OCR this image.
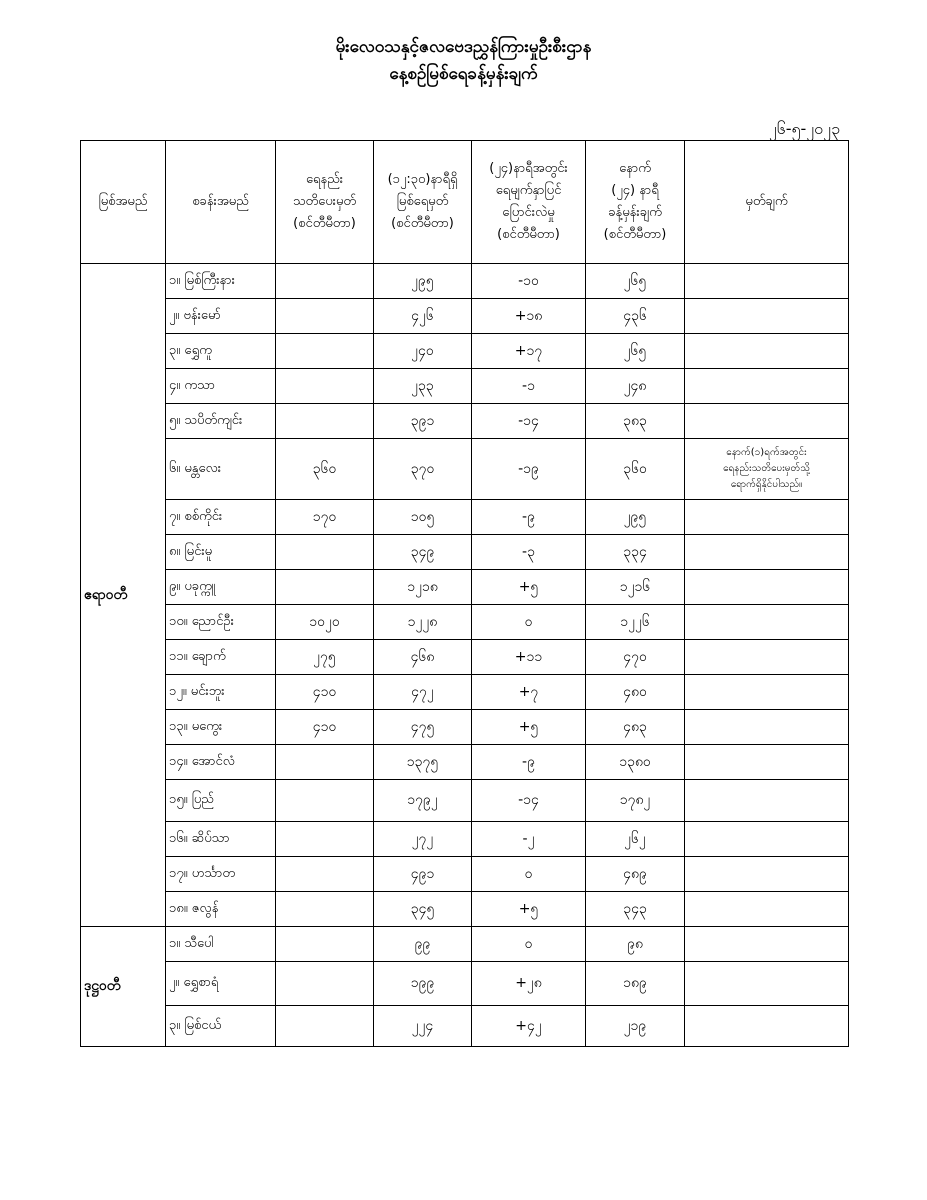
မိုးလေဝသနှင့်ဇလဗေဒညွှန်ကြားမှုဦးစီးဌာန
နေ့စဉ်မြစ်ရေခန့်မှန်းချက်
၂၆-၅-၂၀၂၃
မြစ်အမည်	စခန်းအမည်	ရေနည်း
သတိပေးမှတ်
(စင်တီမီတာ)	(၁၂:၃၀)နာရီရှိ
မြစ်ရေမှတ်
(စင်တီမီတာ)	(၂၄)နာရီအတွင်း
ရေမျက်နှာပြင်
ပြောင်းလဲမှု
(စင်တီမီတာ)	နောက်
(၂၄) နာရီ
ခန့်မှန်းချက်
(စင်တီမီတာ)	မှတ်ချက်
ဧရာဝတီ	၁။ မြစ်ကြီးနား		၂၉၅	-၁၀	၂၆၅	
	၂။ ဗန်းမော်		၄၂၆	+၁၈	၄၃၆	
	၃။ ရွှေကူ		၂၄၀	+၁၇	၂၆၅	
	၄။ ကသာ		၂၃၃	-၁	၂၄၈	
	၅။ သပိတ်ကျင်း		၃၉၁	-၁၄	၃၈၃	
	၆။ မန္တလေး	၃၆၀	၃၇၀	-၁၉	၃၆၀	နောက်(၁)ရက်အတွင်း
ရေနည်းသတိပေးမှတ်သို့
ရောက်ရှိနိုင်ပါသည်။

	၇။ စစ်ကိုင်း	၁၇၀	၁၀၅	-၉	၂၉၅	
	၈။ မြင်းမူ		၃၄၉	-၃	၃၃၄	
	၉။ ပခုက္ကူ		၁၂၁၈	+၅	၁၂၁၆	
	၁၀။ ညောင်ဦး	၁၀၂၀	၁၂၂၈	၀	၁၂၂၆	
	၁၁။ ချောက်	၂၇၅	၄၆၈	+၁၁	၄၇၀	
	၁၂။ မင်းဘူး	၄၁၀	၄၇၂	+၇	၄၈၀	
	၁၃။ မကွေး	၄၁၀	၄၇၅	+၅	၄၈၃	
	၁၄။ အောင်လံ		၁၃၇၅	-၉	၁၃၈၀	
	၁၅။ ပြည်		၁၇၉၂	-၁၄	၁၇၈၂	
	၁၆။ ဆိပ်သာ		၂၇၂	-၂	၂၆၂	
	၁၇။ ဟင်္သာတ		၄၉၁	၀	၄၈၉	
	၁၈။ ဇလွန်		၃၄၅	+၅	၃၄၃	
ဒုဋ္ဌဝတီ	၁။ သီပေါ		၉၉	၀	၉၈	
	၂။ ရွှေစာရံ		၁၉၉	+၂၈	၁၈၉	
	၃။ မြစ်ငယ်		၂၂၄	+၄၂	၂၁၉	
